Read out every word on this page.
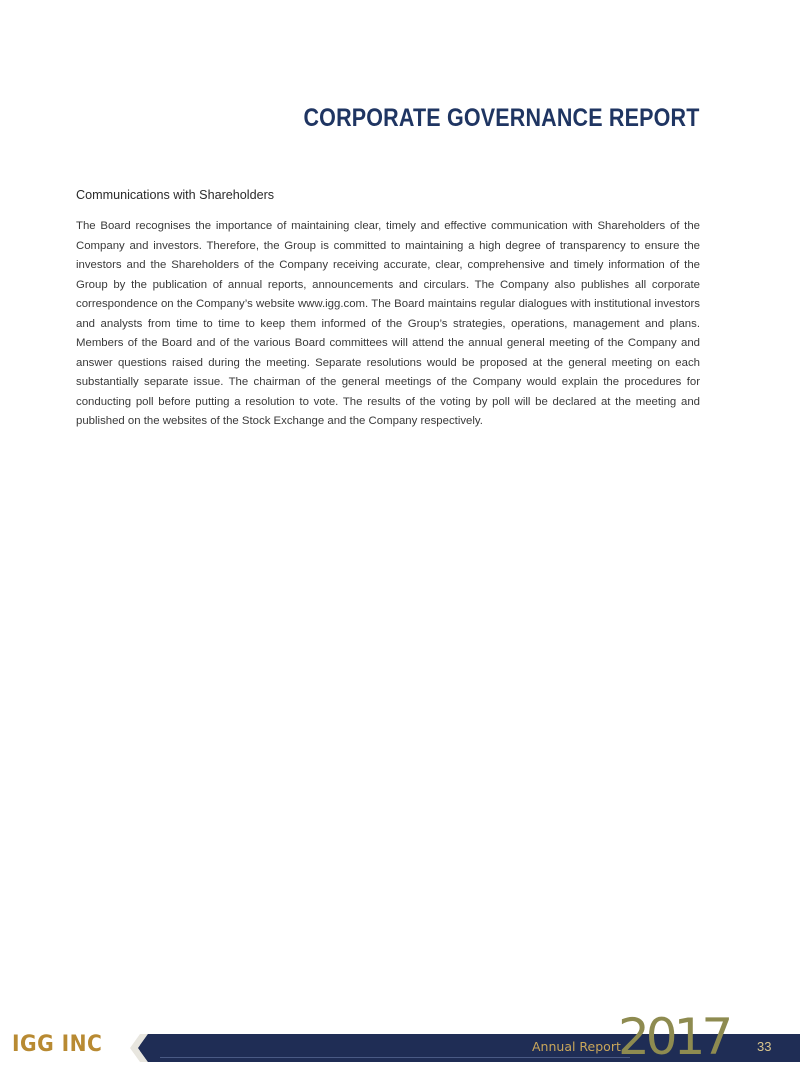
CORPORATE GOVERNANCE REPORT
Communications with Shareholders

The Board recognises the importance of maintaining clear, timely and effective communication with Shareholders of the Company and investors. Therefore, the Group is committed to maintaining a high degree of transparency to ensure the investors and the Shareholders of the Company receiving accurate, clear, comprehensive and timely information of the Group by the publication of annual reports, announcements and circulars. The Company also publishes all corporate correspondence on the Company’s website www.igg.com. The Board maintains regular dialogues with institutional investors and analysts from time to time to keep them informed of the Group’s strategies, operations, management and plans. Members of the Board and of the various Board committees will attend the annual general meeting of the Company and answer questions raised during the meeting. Separate resolutions would be proposed at the general meeting on each substantially separate issue. The chairman of the general meetings of the Company would explain the procedures for conducting poll before putting a resolution to vote. The results of the voting by poll will be declared at the meeting and published on the websites of the Stock Exchange and the Company respectively.

IGG INC	Annual Report
2017 33
